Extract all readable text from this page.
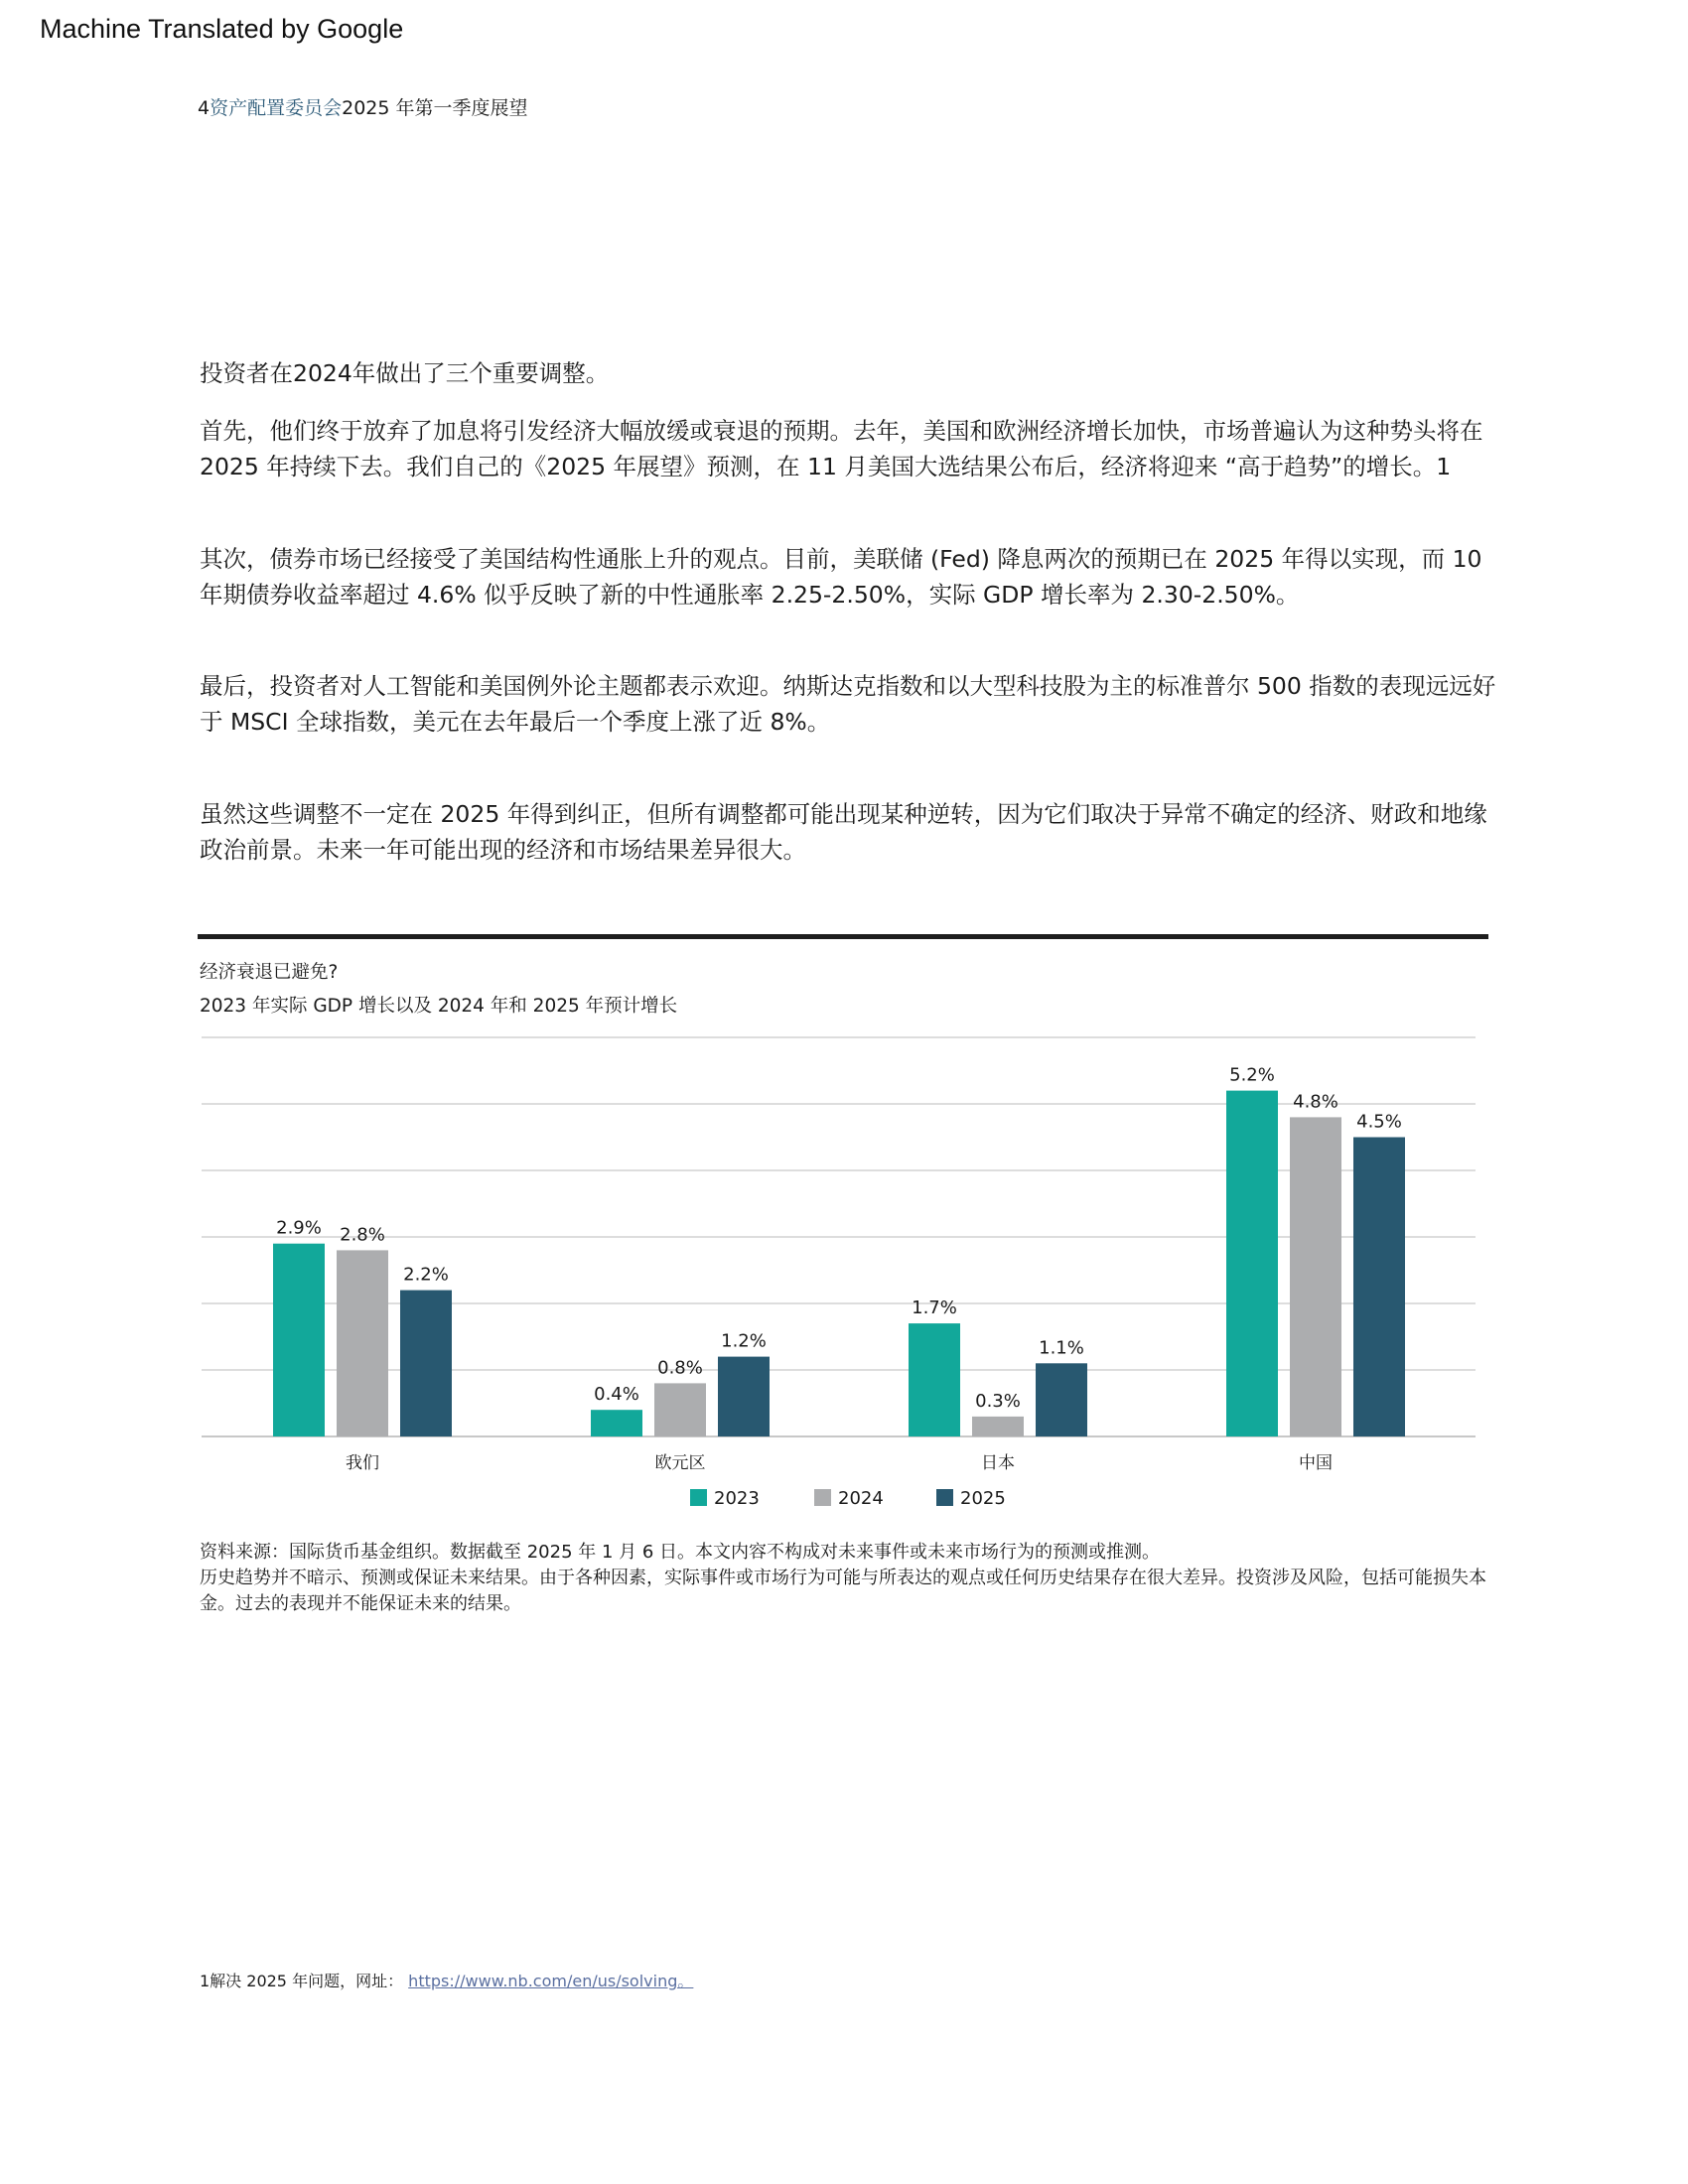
Machine Translated by Google
4资产配置委员会2025 年第一季度展望
投资者在2024年做出了三个重要调整。
首先，他们终于放弃了加息将引发经济大幅放缓或衰退的预期。去年，美国和欧洲经济增长加快，市场普遍认为这种势头将在 2025 年持续下去。我们自己的《2025 年展望》预测，在 11 月美国大选结果公布后，经济将迎来 “高于趋势”的增长。1
其次，债券市场已经接受了美国结构性通胀上升的观点。目前，美联储 (Fed) 降息两次的预期已在 2025 年得以实现，而 10 年期债券收益率超过 4.6% 似乎反映了新的中性通胀率 2.25-2.50%，实际 GDP 增长率为 2.30-2.50%。
最后，投资者对人工智能和美国例外论主题都表示欢迎。纳斯达克指数和以大型科技股为主的标准普尔 500 指数的表现远远好于 MSCI 全球指数，美元在去年最后一个季度上涨了近 8%。
虽然这些调整不一定在 2025 年得到纠正，但所有调整都可能出现某种逆转，因为它们取决于异常不确定的经济、财政和地缘政治前景。未来一年可能出现的经济和市场结果差异很大。
经济衰退已避免?
2023 年实际 GDP 增长以及 2024 年和 2025 年预计增长
2.9% 2.8%
2.2%
我们
0.4%
0.8%
1.2%
欧元区
1.7%
0.3%
1.1%
日本
5.2%
4.8%
4.5%
中国
2023	2024	2025
资料来源：国际货币基金组织。数据截至 2025 年 1 月 6 日。本文内容不构成对未来事件或未来市场行为的预测或推测。
历史趋势并不暗示、预测或保证未来结果。由于各种因素，实际事件或市场行为可能与所表达的观点或任何历史结果存在很大差异。投资涉及风险，包括可能损失本金。过去的表现并不能保证未来的结果。
1解决 2025 年问题，网址： https://www.nb.com/en/us/solving。
